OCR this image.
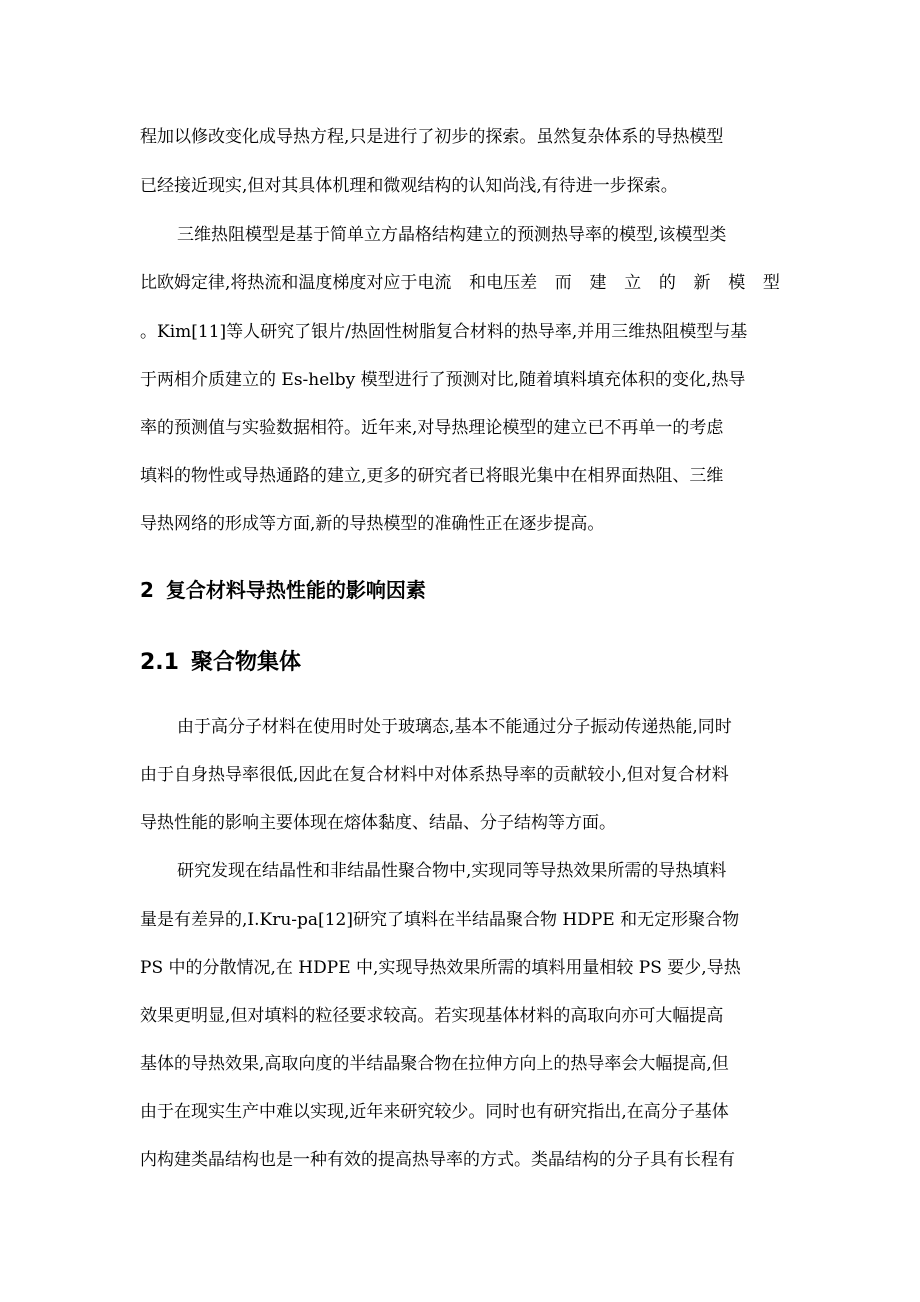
程加以修改变化成导热方程,只是进行了初步的探索。虽然复杂体系的导热模型
已经接近现实,但对其具体机理和微观结构的认知尚浅,有待进一步探索。
三维热阻模型是基于简单立方晶格结构建立的预测热导率的模型,该模型类
比欧姆定律,将热流和温度梯度对应于电流 和电压差 而 建 立 的 新 模 型
。Kim[11]等人研究了银片/热固性树脂复合材料的热导率,并用三维热阻模型与基
于两相介质建立的 Es-helby 模型进行了预测对比,随着填料填充体积的变化,热导
率的预测值与实验数据相符。近年来,对导热理论模型的建立已不再单一的考虑
填料的物性或导热通路的建立,更多的研究者已将眼光集中在相界面热阻、三维
导热网络的形成等方面,新的导热模型的准确性正在逐步提高。
2 复合材料导热性能的影响因素
2.1 聚合物集体
由于高分子材料在使用时处于玻璃态,基本不能通过分子振动传递热能,同时
由于自身热导率很低,因此在复合材料中对体系热导率的贡献较小,但对复合材料
导热性能的影响主要体现在熔体黏度、结晶、分子结构等方面。
研究发现在结晶性和非结晶性聚合物中,实现同等导热效果所需的导热填料
量是有差异的,I.Kru-pa[12]研究了填料在半结晶聚合物 HDPE 和无定形聚合物
PS 中的分散情况,在 HDPE 中,实现导热效果所需的填料用量相较 PS 要少,导热
效果更明显,但对填料的粒径要求较高。若实现基体材料的高取向亦可大幅提高
基体的导热效果,高取向度的半结晶聚合物在拉伸方向上的热导率会大幅提高,但
由于在现实生产中难以实现,近年来研究较少。同时也有研究指出,在高分子基体
内构建类晶结构也是一种有效的提高热导率的方式。类晶结构的分子具有长程有
